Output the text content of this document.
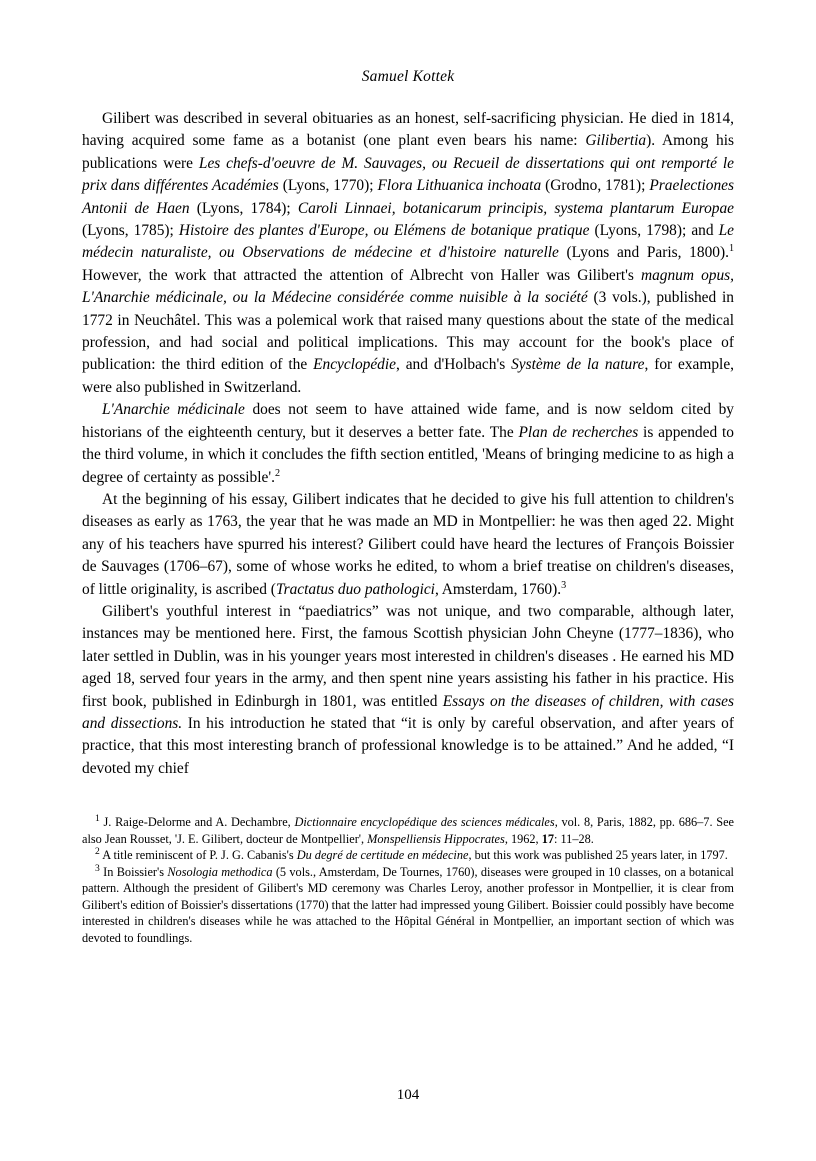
Samuel Kottek

Gilibert was described in several obituaries as an honest, self-sacrificing physician. He died in 1814, having acquired some fame as a botanist (one plant even bears his name: Gilibertia). Among his publications were Les chefs-d'oeuvre de M. Sauvages, ou Recueil de dissertations qui ont remporté le prix dans différentes Académies (Lyons, 1770); Flora Lithuanica inchoata (Grodno, 1781); Praelectiones Antonii de Haen (Lyons, 1784); Caroli Linnaei, botanicarum principis, systema plantarum Europae (Lyons, 1785); Histoire des plantes d'Europe, ou Elémens de botanique pratique (Lyons, 1798); and Le médecin naturaliste, ou Observations de médecine et d'histoire naturelle (Lyons and Paris, 1800).$^1$ However, the work that attracted the attention of Albrecht von Haller was Gilibert's magnum opus, L'Anarchie médicinale, ou la Médecine considérée comme nuisible à la société (3 vols.), published in 1772 in Neuchâtel. This was a polemical work that raised many questions about the state of the medical profession, and had social and political implications. This may account for the book's place of publication: the third edition of the Encyclopédie, and d'Holbach's Système de la nature, for example, were also published in Switzerland.

L'Anarchie médicinale does not seem to have attained wide fame, and is now seldom cited by historians of the eighteenth century, but it deserves a better fate. The Plan de recherches is appended to the third volume, in which it concludes the fifth section entitled, 'Means of bringing medicine to as high a degree of certainty as possible'.$^2$

At the beginning of his essay, Gilibert indicates that he decided to give his full attention to children's diseases as early as 1763, the year that he was made an MD in Montpellier: he was then aged 22. Might any of his teachers have spurred his interest? Gilibert could have heard the lectures of François Boissier de Sauvages (1706–67), some of whose works he edited, to whom a brief treatise on children's diseases, of little originality, is ascribed (Tractatus duo pathologici, Amsterdam, 1760).$^3$

Gilibert's youthful interest in “paediatrics” was not unique, and two comparable, although later, instances may be mentioned here. First, the famous Scottish physician John Cheyne (1777–1836), who later settled in Dublin, was in his younger years most interested in children's diseases . He earned his MD aged 18, served four years in the army, and then spent nine years assisting his father in his practice. His first book, published in Edinburgh in 1801, was entitled Essays on the diseases of children, with cases and dissections. In his introduction he stated that “it is only by careful observation, and after years of practice, that this most interesting branch of professional knowledge is to be attained.” And he added, “I devoted my chief

$^1$ J. Raige-Delorme and A. Dechambre, Dictionnaire encyclopédique des sciences médicales, vol. 8, Paris, 1882, pp. 686–7. See also Jean Rousset, 'J. E. Gilibert, docteur de Montpellier', Monspelliensis Hippocrates, 1962, 17: 11–28.

$^2$ A title reminiscent of P. J. G. Cabanis's Du degré de certitude en médecine, but this work was published 25 years later, in 1797.

$^3$ In Boissier's Nosologia methodica (5 vols., Amsterdam, De Tournes, 1760), diseases were grouped in 10 classes, on a botanical pattern. Although the president of Gilibert's MD ceremony was Charles Leroy, another professor in Montpellier, it is clear from Gilibert's edition of Boissier's dissertations (1770) that the latter had impressed young Gilibert. Boissier could possibly have become interested in children's diseases while he was attached to the Hôpital Général in Montpellier, an important section of which was devoted to foundlings.

104
